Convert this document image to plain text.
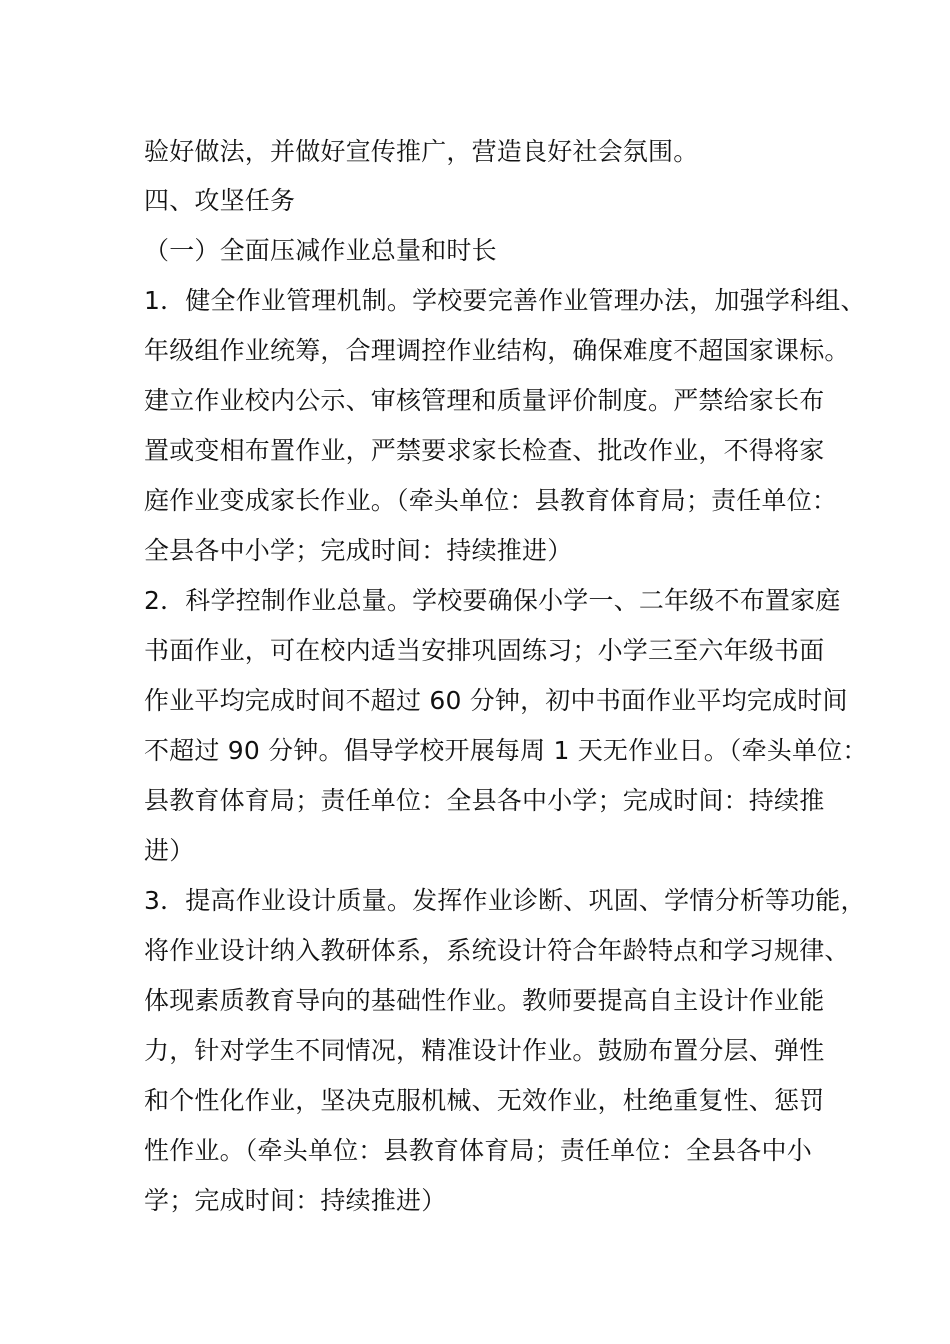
验好做法，并做好宣传推广，营造良好社会氛围。
四、攻坚任务
（一）全面压减作业总量和时长
1．健全作业管理机制。学校要完善作业管理办法，加强学科组、
年级组作业统筹，合理调控作业结构，确保难度不超国家课标。
建立作业校内公示、审核管理和质量评价制度。严禁给家长布
置或变相布置作业，严禁要求家长检查、批改作业，不得将家
庭作业变成家长作业。（牵头单位：县教育体育局；责任单位：
全县各中小学；完成时间：持续推进）
2．科学控制作业总量。学校要确保小学一、二年级不布置家庭
书面作业，可在校内适当安排巩固练习；小学三至六年级书面
作业平均完成时间不超过 60 分钟，初中书面作业平均完成时间
不超过 90 分钟。倡导学校开展每周 1 天无作业日。（牵头单位：
县教育体育局；责任单位：全县各中小学；完成时间：持续推
进）
3．提高作业设计质量。发挥作业诊断、巩固、学情分析等功能，
将作业设计纳入教研体系，系统设计符合年龄特点和学习规律、
体现素质教育导向的基础性作业。教师要提高自主设计作业能
力，针对学生不同情况，精准设计作业。鼓励布置分层、弹性
和个性化作业，坚决克服机械、无效作业，杜绝重复性、惩罚
性作业。（牵头单位：县教育体育局；责任单位：全县各中小
学；完成时间：持续推进）
